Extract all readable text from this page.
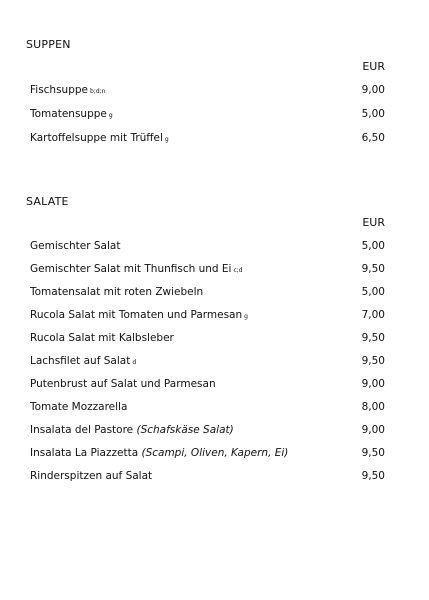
SUPPEN
EUR
Fischsuppe b;d;n	9,00
Tomatensuppe g	5,00
Kartoffelsuppe mit Trüffel g	6,50
SALATE
EUR
Gemischter Salat	5,00
Gemischter Salat mit Thunfisch und Ei c;d	9,50
Tomatensalat mit roten Zwiebeln	5,00
Rucola Salat mit Tomaten und Parmesan g	7,00
Rucola Salat mit Kalbsleber	9,50
Lachsfilet auf Salat d	9,50
Putenbrust auf Salat und Parmesan	9,00
Tomate Mozzarella	8,00
Insalata del Pastore (Schafskäse Salat)	9,00
Insalata La Piazzetta (Scampi, Oliven, Kapern, Ei)	9,50
Rinderspitzen auf Salat	9,50
